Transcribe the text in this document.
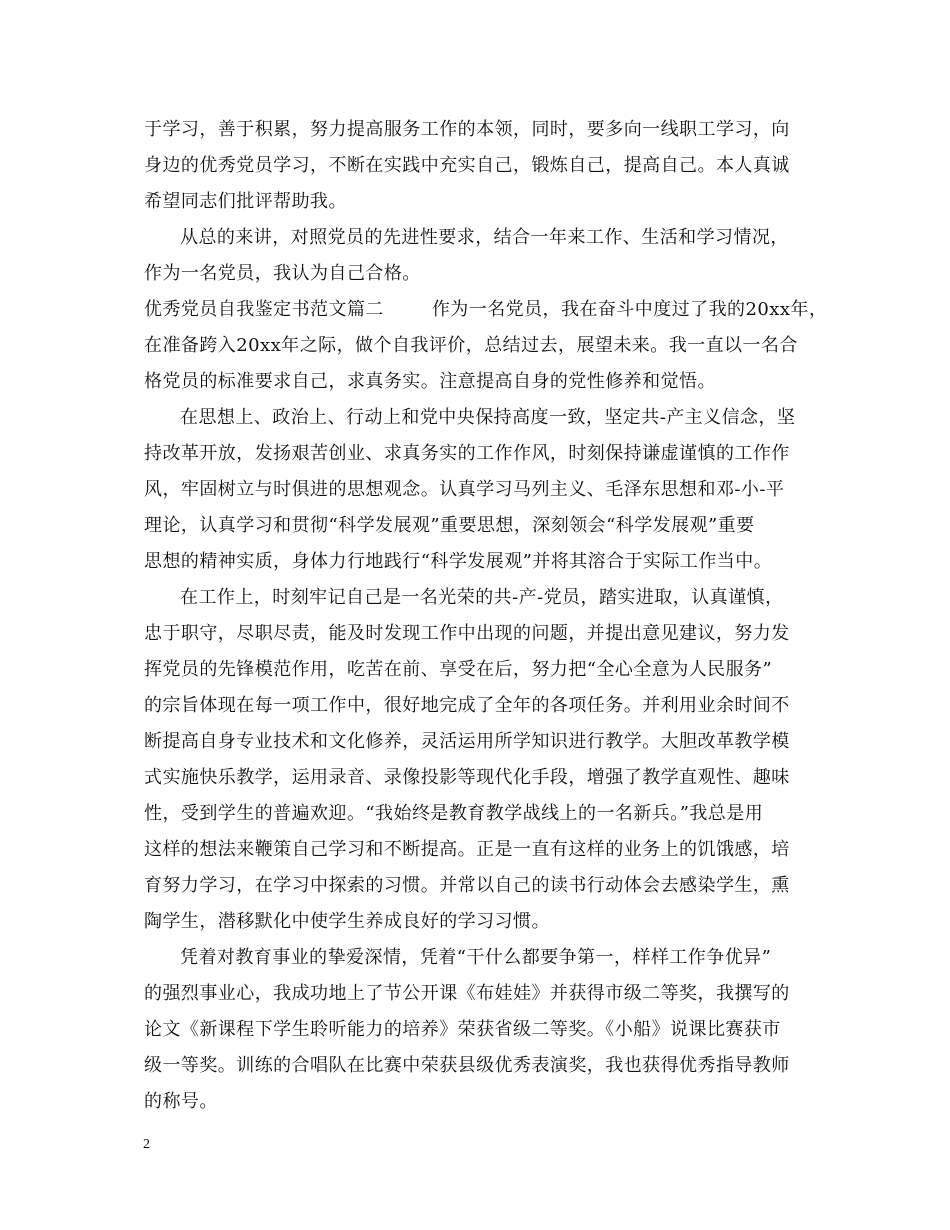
于学习，善于积累，努力提高服务工作的本领，同时，要多向一线职工学习，向
身边的优秀党员学习，不断在实践中充实自己，锻炼自己，提高自己。本人真诚
希望同志们批评帮助我。
从总的来讲，对照党员的先进性要求，结合一年来工作、生活和学习情况，
作为一名党员，我认为自己合格。
优秀党员自我鉴定书范文篇二	作为一名党员，我在奋斗中度过了我的20xx年，
在准备跨入20xx年之际，做个自我评价，总结过去，展望未来。我一直以一名合
格党员的标准要求自己，求真务实。注意提高自身的党性修养和觉悟。
在思想上、政治上、行动上和党中央保持高度一致，坚定共-产主义信念，坚
持改革开放，发扬艰苦创业、求真务实的工作作风，时刻保持谦虚谨慎的工作作
风，牢固树立与时俱进的思想观念。认真学习马列主义、毛泽东思想和邓-小-平
理论，认真学习和贯彻“科学发展观”重要思想，深刻领会“科学发展观”重要
思想的精神实质，身体力行地践行“科学发展观”并将其溶合于实际工作当中。
在工作上，时刻牢记自己是一名光荣的共-产-党员，踏实进取，认真谨慎，
忠于职守，尽职尽责，能及时发现工作中出现的问题，并提出意见建议，努力发
挥党员的先锋模范作用，吃苦在前、享受在后，努力把“全心全意为人民服务”
的宗旨体现在每一项工作中，很好地完成了全年的各项任务。并利用业余时间不
断提高自身专业技术和文化修养，灵活运用所学知识进行教学。大胆改革教学模
式实施快乐教学，运用录音、录像投影等现代化手段，增强了教学直观性、趣味
性，受到学生的普遍欢迎。“我始终是教育教学战线上的一名新兵。”我总是用
这样的想法来鞭策自己学习和不断提高。正是一直有这样的业务上的饥饿感，培
育努力学习，在学习中探索的习惯。并常以自己的读书行动体会去感染学生，熏
陶学生，潜移默化中使学生养成良好的学习习惯。
凭着对教育事业的挚爱深情，凭着“干什么都要争第一，样样工作争优异”
的强烈事业心，我成功地上了节公开课《布娃娃》并获得市级二等奖，我撰写的
论文《新课程下学生聆听能力的培养》荣获省级二等奖。《小船》说课比赛获市
级一等奖。训练的合唱队在比赛中荣获县级优秀表演奖，我也获得优秀指导教师
的称号。
2
